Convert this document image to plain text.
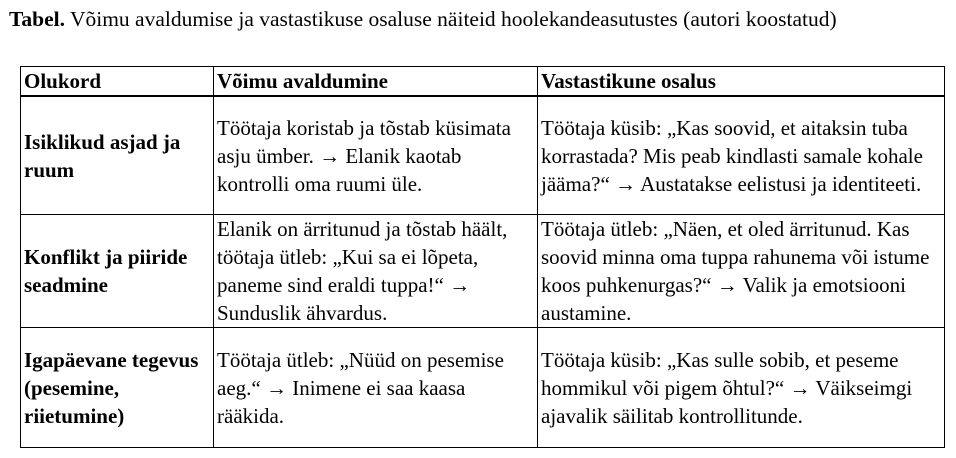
Tabel. Võimu avaldumise ja vastastikuse osaluse näiteid hoolekandeasutustes (autori koostatud)
Olukord	Võimu avaldumine	Vastastikune osalus
Isiklikud asjad ja ruum	Töötaja koristab ja tõstab küsimata asju ümber. → Elanik kaotab kontrolli oma ruumi üle.	Töötaja küsib: „Kas soovid, et aitaksin tuba korrastada? Mis peab kindlasti samale kohale jääma?“ → Austatakse eelistusi ja identiteeti.
Konflikt ja piiride seadmine	Elanik on ärritunud ja tõstab häält, töötaja ütleb: „Kui sa ei lõpeta, paneme sind eraldi tuppa!“ → Sunduslik ähvardus.	Töötaja ütleb: „Näen, et oled ärritunud. Kas soovid minna oma tuppa rahunema või istume koos puhkenurgas?“ → Valik ja emotsiooni austamine.
Igapäevane tegevus (pesemine, riietumine)	Töötaja ütleb: „Nüüd on pesemise aeg.“ → Inimene ei saa kaasa rääkida.	Töötaja küsib: „Kas sulle sobib, et peseme hommikul või pigem õhtul?“ → Väikseimgi ajavalik säilitab kontrollitunde.
